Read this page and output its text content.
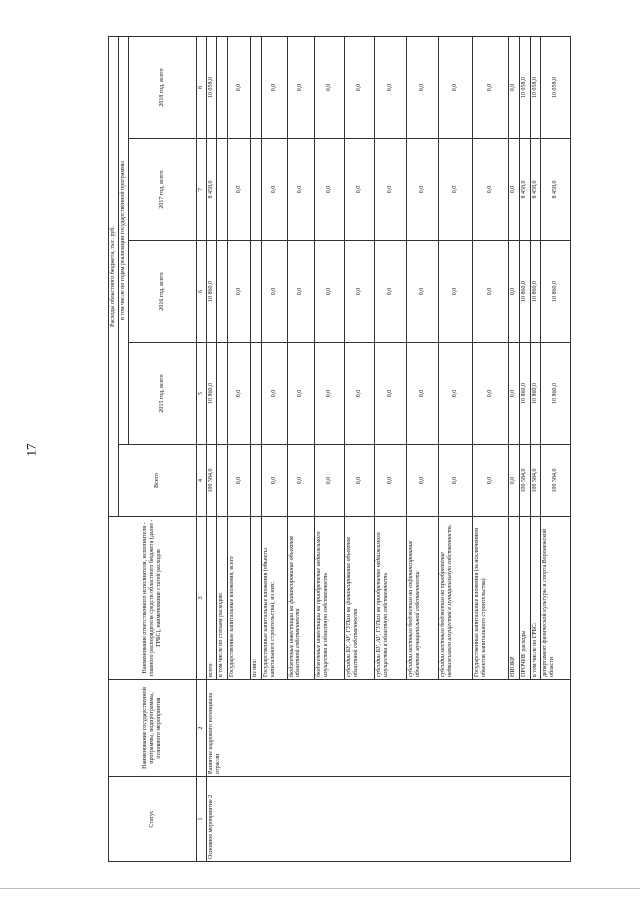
17
Статус	Наименование государственной программы, подпрограммы, основного мероприятия	Наименование ответственного исполнителя, исполнителя - главного распорядителя средств областного бюджета (далее - ГРБС), наименование статей расходов	Расходы областного бюджета, тыс. руб.				
			Всего	в том числе по годам реализации государственной программы			
				2015 год, всего	2016 год, всего	2017 год, всего	2018 год, всего
1	2	3	4	5	6	7	8
Основное мероприятие 2	Развитие кадрового потенциала отрасли	всего	100 584,0	10 860,0	10 860,0	8 458,0	10 058,0
		в том числе по статьям расходов:					
		Государственные капитальные вложения, всего	0,0	0,0	0,0	0,0	0,0
		из них:					
		Государственные капитальные вложения (объекты капитального строительства), из них:	0,0	0,0	0,0	0,0	0,0
		бюджетные инвестиции на финансирование объектов областной собственности	0,0	0,0	0,0	0,0	0,0
		бюджетные инвестиции на приобретение недвижимого имущества в областную собственность	0,0	0,0	0,0	0,0	0,0
		субсидии БУ, АУ, ГУПам на финансирование объектов областной собственности	0,0	0,0	0,0	0,0	0,0
		субсидии БУ, АУ, ГУПам на приобретение недвижимого имущества в областную собственность	0,0	0,0	0,0	0,0	0,0
		субсидии местным бюджетам на софинансирование объектов муниципальной собственности	0,0	0,0	0,0	0,0	0,0
		субсидии местным бюджетам на приобретение недвижимого имущества в муниципальную собственность	0,0	0,0	0,0	0,0	0,0
		Государственные капитальные вложения (за исключением объектов капитального строительства)	0,0	0,0	0,0	0,0	0,0
		НИОКР	0,0	0,0	0,0	0,0	0,0
		ПРОЧИЕ расходы	100 584,0	10 860,0	10 860,0	8 458,0	10 058,0
		в том числе по ГРБС:	100 584,0	10 860,0	10 860,0	8 458,0	10 058,0
		департамент физической культуры и спорта Воронежской области	100 584,0	10 860,0	10 860,0	8 458,0	10 058,0
